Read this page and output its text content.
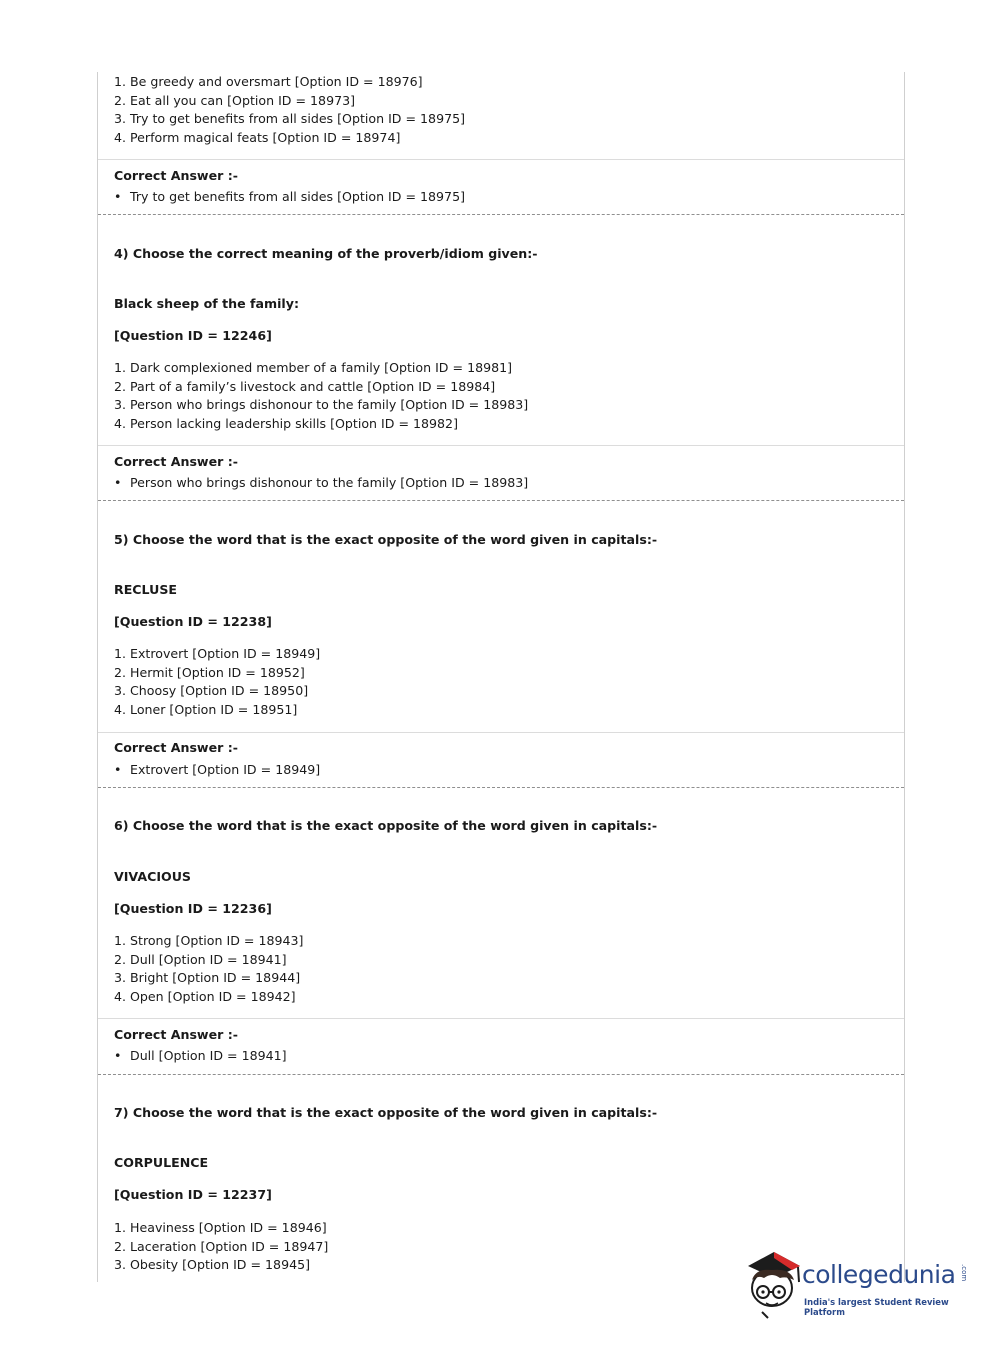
1. Be greedy and oversmart [Option ID = 18976]
2. Eat all you can [Option ID = 18973]
3. Try to get benefits from all sides [Option ID = 18975]
4. Perform magical feats [Option ID = 18974]
Correct Answer :-
• Try to get benefits from all sides [Option ID = 18975]
4) Choose the correct meaning of the proverb/idiom given:-
Black sheep of the family:
[Question ID = 12246]
1. Dark complexioned member of a family [Option ID = 18981]
2. Part of a family’s livestock and cattle [Option ID = 18984]
3. Person who brings dishonour to the family [Option ID = 18983]
4. Person lacking leadership skills [Option ID = 18982]
Correct Answer :-
• Person who brings dishonour to the family [Option ID = 18983]
5) Choose the word that is the exact opposite of the word given in capitals:-
RECLUSE
[Question ID = 12238]
1. Extrovert [Option ID = 18949]
2. Hermit [Option ID = 18952]
3. Choosy [Option ID = 18950]
4. Loner [Option ID = 18951]
Correct Answer :-
• Extrovert [Option ID = 18949]
6) Choose the word that is the exact opposite of the word given in capitals:-
VIVACIOUS
[Question ID = 12236]
1. Strong [Option ID = 18943]
2. Dull [Option ID = 18941]
3. Bright [Option ID = 18944]
4. Open [Option ID = 18942]
Correct Answer :-
• Dull [Option ID = 18941]
7) Choose the word that is the exact opposite of the word given in capitals:-
CORPULENCE
[Question ID = 12237]
1. Heaviness [Option ID = 18946]
2. Laceration [Option ID = 18947]
3. Obesity [Option ID = 18945]	collegedunia .com
India's largest Student Review Platform
